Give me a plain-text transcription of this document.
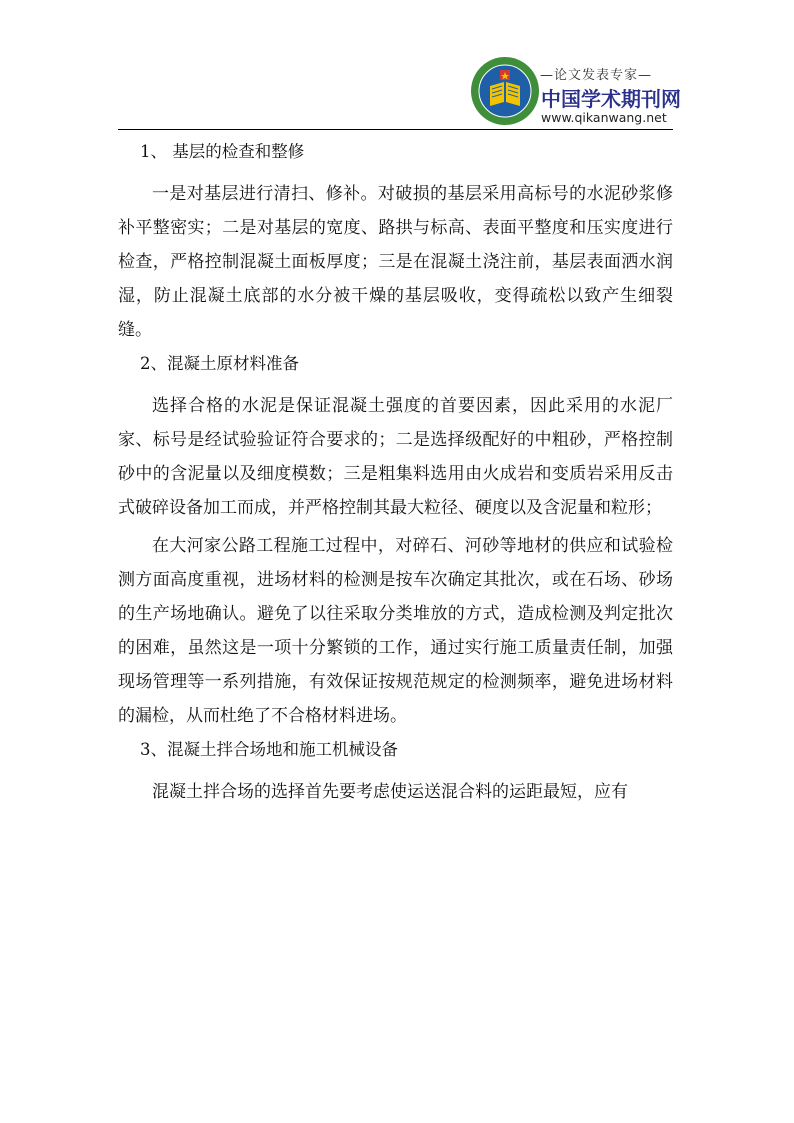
—论文发表专家—
中国学术期刊网
www.qikanwang.net

1、 基层的检查和整修

一是对基层进行清扫、修补。对破损的基层采用高标号的水泥砂浆修补平整密实；二是对基层的宽度、路拱与标高、表面平整度和压实度进行检查，严格控制混凝土面板厚度；三是在混凝土浇注前，基层表面洒水润湿，防止混凝土底部的水分被干燥的基层吸收，变得疏松以致产生细裂缝。

2、混凝土原材料准备

选择合格的水泥是保证混凝土强度的首要因素，因此采用的水泥厂家、标号是经试验验证符合要求的；二是选择级配好的中粗砂，严格控制砂中的含泥量以及细度模数；三是粗集料选用由火成岩和变质岩采用反击式破碎设备加工而成，并严格控制其最大粒径、硬度以及含泥量和粒形；

在大河家公路工程施工过程中，对碎石、河砂等地材的供应和试验检测方面高度重视，进场材料的检测是按车次确定其批次，或在石场、砂场的生产场地确认。避免了以往采取分类堆放的方式，造成检测及判定批次的困难，虽然这是一项十分繁锁的工作，通过实行施工质量责任制，加强现场管理等一系列措施，有效保证按规范规定的检测频率，避免进场材料的漏检，从而杜绝了不合格材料进场。

3、混凝土拌合场地和施工机械设备

混凝土拌合场的选择首先要考虑使运送混合料的运距最短，应有
